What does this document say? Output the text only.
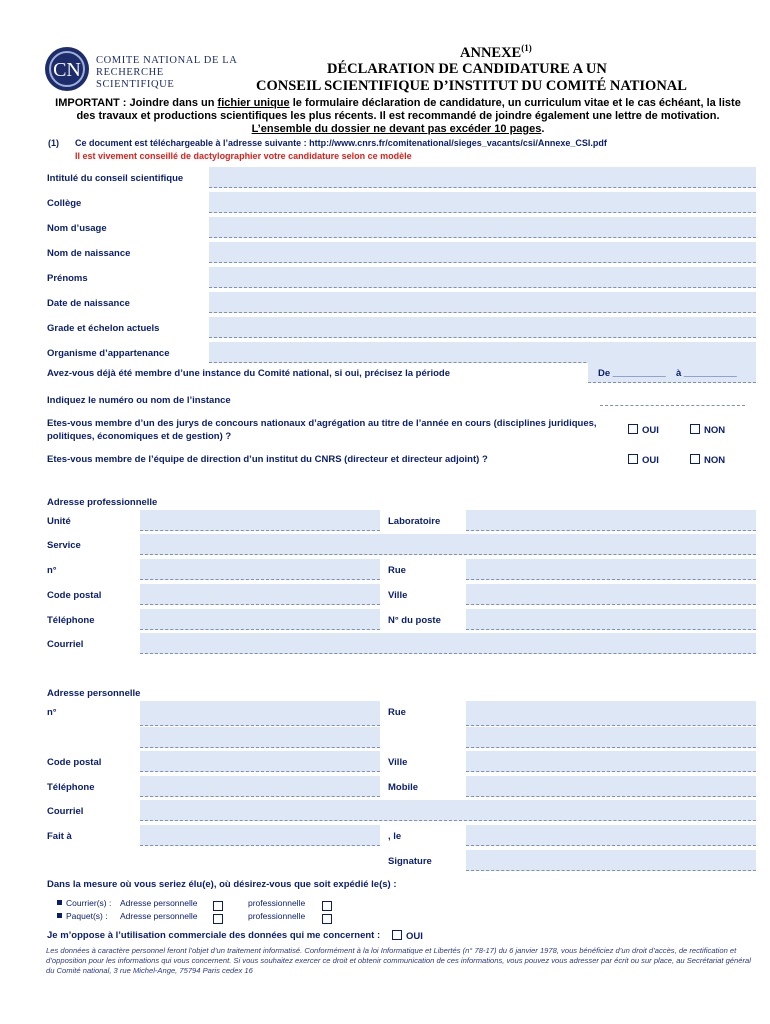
CN COMITE NATIONAL DE LA
RECHERCHE SCIENTIFIQUE
ANNEXE$^{(1)}$
DÉCLARATION DE CANDIDATURE A UN
CONSEIL SCIENTIFIQUE D’INSTITUT DU COMITÉ NATIONAL
IMPORTANT : Joindre dans un fichier unique le formulaire déclaration de candidature, un curriculum vitae et le cas échéant, la liste des travaux et productions scientifiques les plus récents. Il est recommandé de joindre également une lettre de motivation. L’ensemble du dossier ne devant pas excéder 10 pages.
(1) Ce document est téléchargeable à l’adresse suivante : http://www.cnrs.fr/comitenational/sieges_vacants/csi/Annexe_CSI.pdf
Il est vivement conseillé de dactylographier votre candidature selon ce modèle
Intitulé du conseil scientifique
Collège
Nom d’usage
Nom de naissance
Prénoms
Date de naissance
Grade et échelon actuels
Organisme d’appartenance
Avez-vous déjà été membre d’une instance du Comité national, si oui, précisez la période	De __________ à __________
Indiquez le numéro ou nom de l’instance
Etes-vous membre d’un des jurys de concours nationaux d’agrégation au titre de l’année en cours (disciplines juridiques,
politiques, économiques et de gestion) ?
OUI	NON
Etes-vous membre de l’équipe de direction d’un institut du CNRS (directeur et directeur adjoint) ?	OUI	NON
Adresse professionnelle
Unité	Laboratoire
Service
n°	Rue
Code postal	Ville
Téléphone	N° du poste
Courriel
Adresse personnelle
n°	Rue
Code postal	Ville
Téléphone	Mobile
Courriel
Fait à	, le
Signature
Dans la mesure où vous seriez élu(e), où désirez-vous que soit expédié le(s) :
Courrier(s) : Adresse personnelle	professionnelle
Paquet(s) : Adresse personnelle	professionnelle
Je m’oppose à l’utilisation commerciale des données qui me concernent :	OUI
Les données à caractère personnel feront l’objet d’un traitement informatisé. Conformément à la loi Informatique et Libertés (n° 78-17) du 6 janvier 1978, vous bénéficiez d’un droit d’accès, de rectification et d’opposition pour les informations qui vous concernent. Si vous souhaitez exercer ce droit et obtenir communication de ces informations, vous pouvez vous adresser par écrit ou sur place, au Secrétariat général du Comité national, 3 rue Michel-Ange, 75794 Paris cedex 16
